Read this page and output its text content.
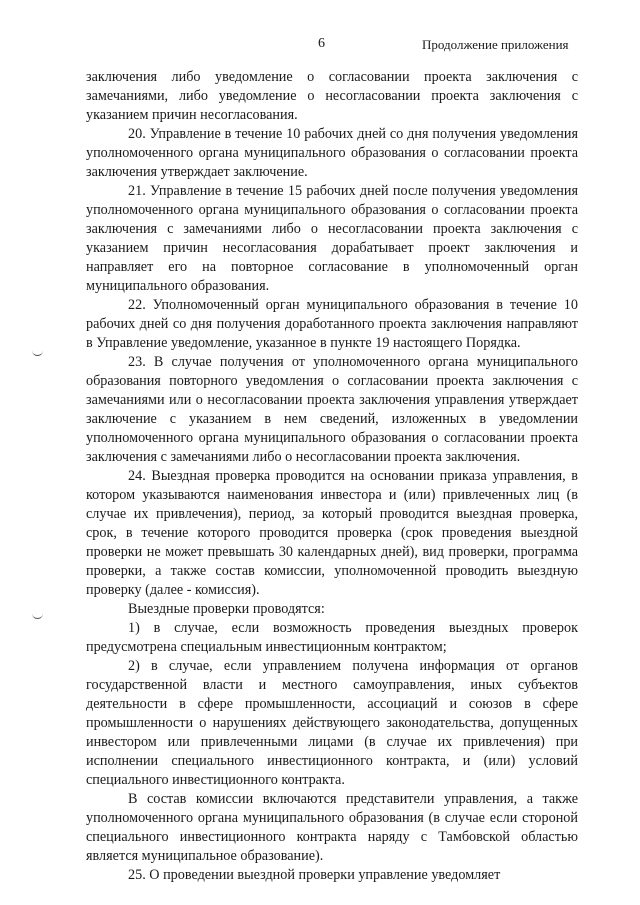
6	Продолжение приложения

заключения либо уведомление о согласовании проекта заключения с замечаниями, либо уведомление о несогласовании проекта заключения с указанием причин несогласования.

20. Управление в течение 10 рабочих дней со дня получения уведомления уполномоченного органа муниципального образования о согласовании проекта заключения утверждает заключение.

21. Управление в течение 15 рабочих дней после получения уведомления уполномоченного органа муниципального образования о согласовании проекта заключения с замечаниями либо о несогласовании проекта заключения с указанием причин несогласования дорабатывает проект заключения и направляет его на повторное согласование в уполномоченный орган муниципального образования.

22. Уполномоченный орган муниципального образования в течение 10 рабочих дней со дня получения доработанного проекта заключения направляют в Управление уведомление, указанное в пункте 19 настоящего Порядка.

23. В случае получения от уполномоченного органа муниципального образования повторного уведомления о согласовании проекта заключения с замечаниями или о несогласовании проекта заключения управления утверждает заключение с указанием в нем сведений, изложенных в уведомлении уполномоченного органа муниципального образования о согласовании проекта заключения с замечаниями либо о несогласовании проекта заключения.

24. Выездная проверка проводится на основании приказа управления, в котором указываются наименования инвестора и (или) привлеченных лиц (в случае их привлечения), период, за который проводится выездная проверка, срок, в течение которого проводится проверка (срок проведения выездной проверки не может превышать 30 календарных дней), вид проверки, программа проверки, а также состав комиссии, уполномоченной проводить выездную проверку (далее - комиссия).

Выездные проверки проводятся:

1) в случае, если возможность проведения выездных проверок предусмотрена специальным инвестиционным контрактом;

2) в случае, если управлением получена информация от органов государственной власти и местного самоуправления, иных субъектов деятельности в сфере промышленности, ассоциаций и союзов в сфере промышленности о нарушениях действующего законодательства, допущенных инвестором или привлеченными лицами (в случае их привлечения) при исполнении специального инвестиционного контракта, и (или) условий специального инвестиционного контракта.

В состав комиссии включаются представители управления, а также уполномоченного органа муниципального образования (в случае если стороной специального инвестиционного контракта наряду с Тамбовской областью является муниципальное образование).

25. О проведении выездной проверки управление уведомляет
